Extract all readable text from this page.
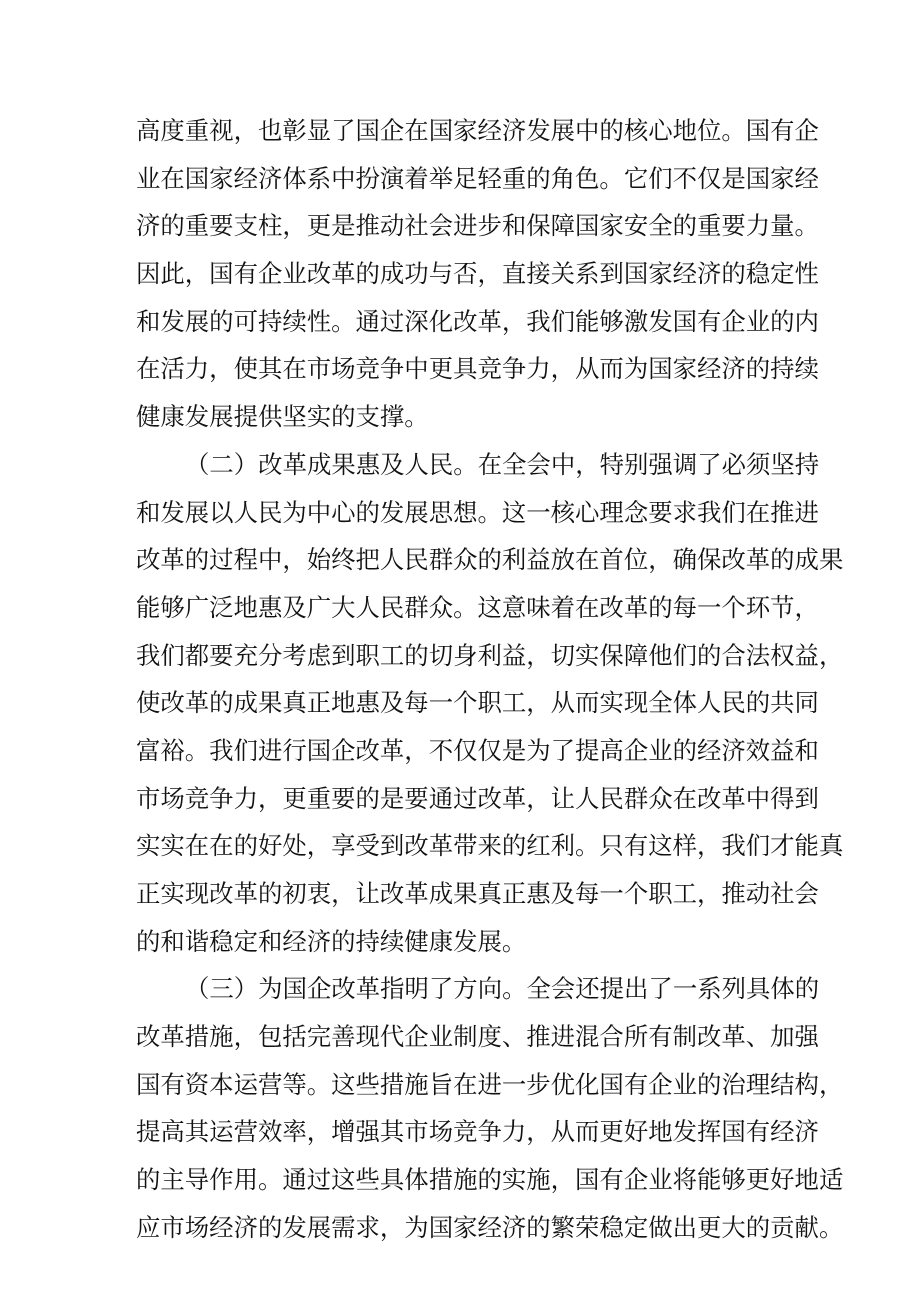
高度重视，也彰显了国企在国家经济发展中的核心地位。国有企

业在国家经济体系中扮演着举足轻重的角色。它们不仅是国家经

济的重要支柱，更是推动社会进步和保障国家安全的重要力量。

因此，国有企业改革的成功与否，直接关系到国家经济的稳定性

和发展的可持续性。通过深化改革，我们能够激发国有企业的内

在活力，使其在市场竞争中更具竞争力，从而为国家经济的持续

健康发展提供坚实的支撑。

（二）改革成果惠及人民。在全会中，特别强调了必须坚持

和发展以人民为中心的发展思想。这一核心理念要求我们在推进

改革的过程中，始终把人民群众的利益放在首位，确保改革的成果

能够广泛地惠及广大人民群众。这意味着在改革的每一个环节，

我们都要充分考虑到职工的切身利益，切实保障他们的合法权益，

使改革的成果真正地惠及每一个职工，从而实现全体人民的共同

富裕。我们进行国企改革，不仅仅是为了提高企业的经济效益和

市场竞争力，更重要的是要通过改革，让人民群众在改革中得到

实实在在的好处，享受到改革带来的红利。只有这样，我们才能真

正实现改革的初衷，让改革成果真正惠及每一个职工，推动社会

的和谐稳定和经济的持续健康发展。

（三）为国企改革指明了方向。全会还提出了一系列具体的

改革措施，包括完善现代企业制度、推进混合所有制改革、加强

国有资本运营等。这些措施旨在进一步优化国有企业的治理结构，

提高其运营效率，增强其市场竞争力，从而更好地发挥国有经济

的主导作用。通过这些具体措施的实施，国有企业将能够更好地适

应市场经济的发展需求，为国家经济的繁荣稳定做出更大的贡献。
